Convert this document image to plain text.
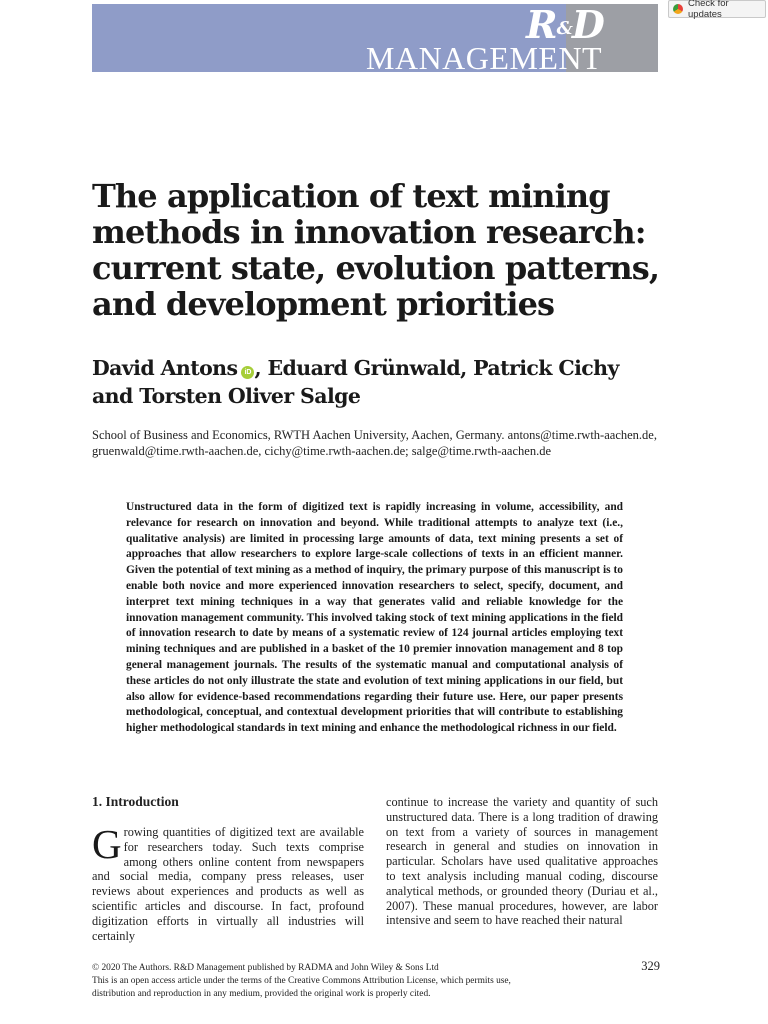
R&D
MANAGEMENT
Check for updates
The application of text mining methods in innovation research: current state, evolution patterns, and development priorities
David Antons iD , Eduard Grünwald, Patrick Cichy
and Torsten Oliver Salge
School of Business and Economics, RWTH Aachen University, Aachen, Germany. antons@time.rwth-aachen.de, gruenwald@time.rwth-aachen.de, cichy@time.rwth-aachen.de; salge@time.rwth-aachen.de

Unstructured data in the form of digitized text is rapidly increasing in volume, accessibility, and relevance for research on innovation and beyond. While traditional attempts to analyze text (i.e., qualitative analysis) are limited in processing large amounts of data, text mining presents a set of approaches that allow researchers to explore large-scale collections of texts in an efficient manner. Given the potential of text mining as a method of inquiry, the primary purpose of this manuscript is to enable both novice and more experienced innovation researchers to select, specify, document, and interpret text mining techniques in a way that generates valid and reliable knowledge for the innovation management community. This involved taking stock of text mining applications in the field of innovation research to date by means of a systematic review of 124 journal articles employing text mining techniques and are published in a basket of the 10 premier innovation management and 8 top general management journals. The results of the systematic manual and computational analysis of these articles do not only illustrate the state and evolution of text mining applications in our field, but also allow for evidence-based recommendations regarding their future use. Here, our paper presents methodological, conceptual, and contextual development priorities that will contribute to establishing higher methodological standards in text mining and enhance the methodological richness in our field.

1. Introduction

Growing quantities of digitized text are available for researchers today. Such texts comprise among others online content from newspapers and social media, company press releases, user reviews about experiences and products as well as scientific articles and discourse. In fact, profound digitization efforts in virtually all industries will certainly

continue to increase the variety and quantity of such unstructured data. There is a long tradition of drawing on text from a variety of sources in management research in general and studies on innovation in particular. Scholars have used qualitative approaches to text analysis including manual coding, discourse analytical methods, or grounded theory (Duriau et al., 2007). These manual procedures, however, are labor intensive and seem to have reached their natural

© 2020 The Authors. R&D Management published by RADMA and John Wiley & Sons Ltd	329
This is an open access article under the terms of the Creative Commons Attribution License, which permits use,
distribution and reproduction in any medium, provided the original work is properly cited.
